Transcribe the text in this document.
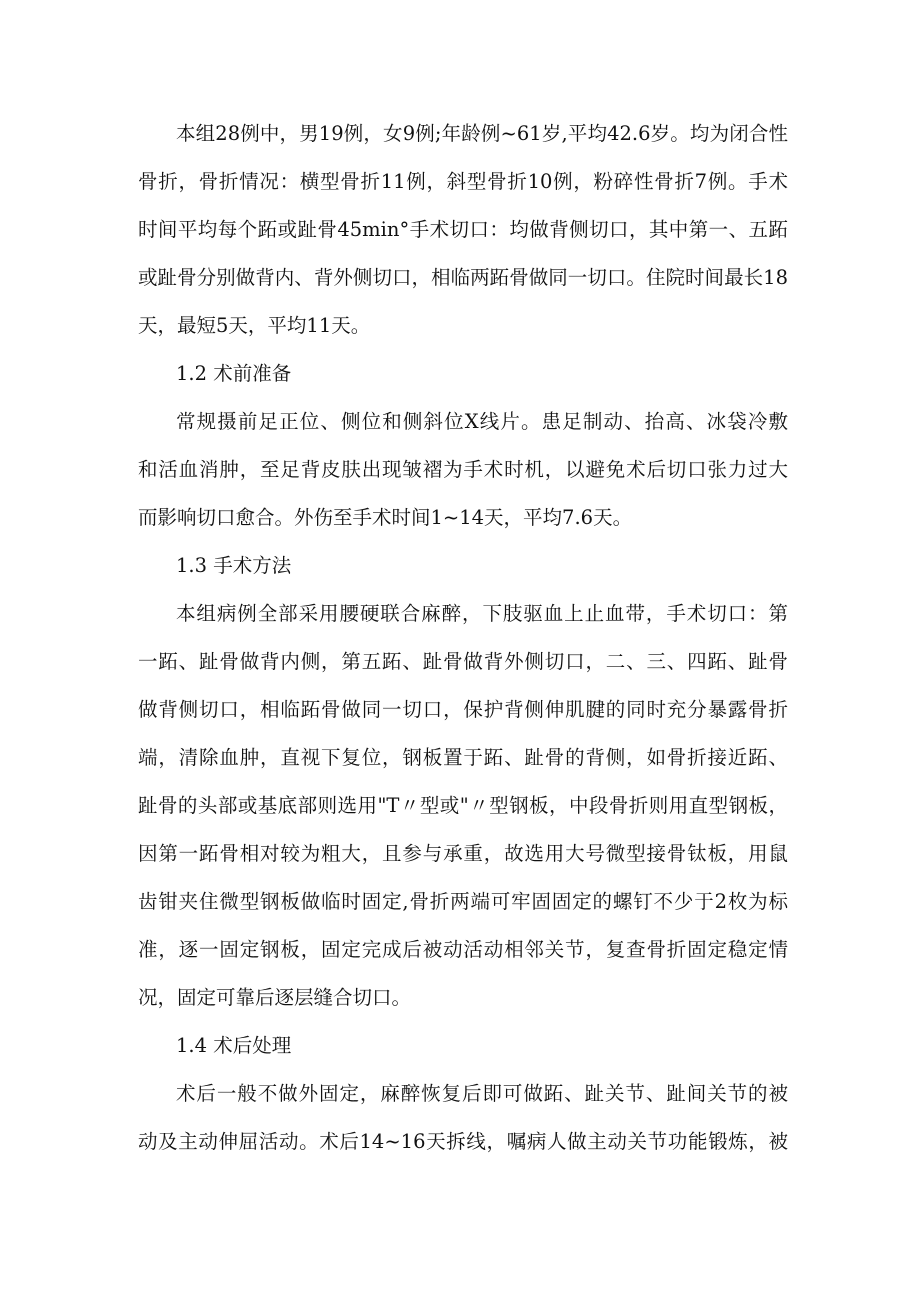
本组28例中，男19例，女9例;年龄例~61岁,平均42.6岁。均为闭合性
骨折，骨折情况：横型骨折11例，斜型骨折10例，粉碎性骨折7例。手术
时间平均每个跖或趾骨45min°手术切口：均做背侧切口，其中第一、五跖
或趾骨分别做背内、背外侧切口，相临两跖骨做同一切口。住院时间最长18
天，最短5天，平均11天。
1.2 术前准备
常规摄前足正位、侧位和侧斜位X线片。患足制动、抬高、冰袋冷敷
和活血消肿，至足背皮肤出现皱褶为手术时机，以避免术后切口张力过大
而影响切口愈合。外伤至手术时间1~14天，平均7.6天。
1.3 手术方法
本组病例全部采用腰硬联合麻醉，下肢驱血上止血带，手术切口：第
一跖、趾骨做背内侧，第五跖、趾骨做背外侧切口，二、三、四跖、趾骨
做背侧切口，相临跖骨做同一切口，保护背侧伸肌腱的同时充分暴露骨折
端，清除血肿，直视下复位，钢板置于跖、趾骨的背侧，如骨折接近跖、
趾骨的头部或基底部则选用"T〃型或"〃型钢板，中段骨折则用直型钢板，
因第一跖骨相对较为粗大，且参与承重，故选用大号微型接骨钛板，用鼠
齿钳夹住微型钢板做临时固定,骨折两端可牢固固定的螺钉不少于2枚为标
准，逐一固定钢板，固定完成后被动活动相邻关节，复查骨折固定稳定情
况，固定可靠后逐层缝合切口。
1.4 术后处理
术后一般不做外固定，麻醉恢复后即可做跖、趾关节、趾间关节的被
动及主动伸屈活动。术后14~16天拆线，嘱病人做主动关节功能锻炼，被
